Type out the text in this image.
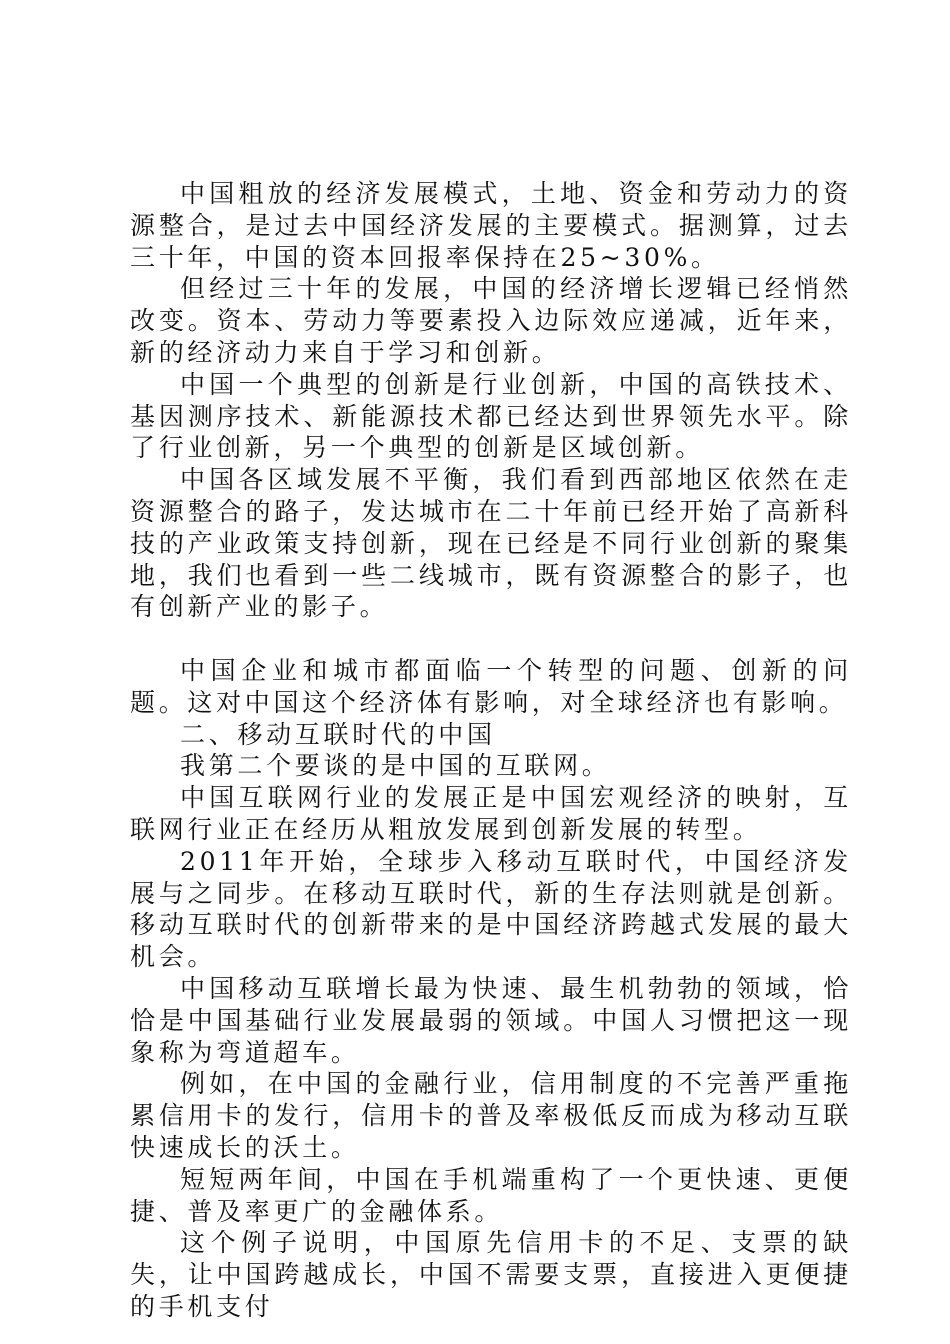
中国粗放的经济发展模式，土地、资金和劳动力的资源整合，是过去中国经济发展的主要模式。据测算，过去三十年，中国的资本回报率保持在25~30%。

但经过三十年的发展，中国的经济增长逻辑已经悄然改变。资本、劳动力等要素投入边际效应递减，近年来，新的经济动力来自于学习和创新。

中国一个典型的创新是行业创新，中国的高铁技术、基因测序技术、新能源技术都已经达到世界领先水平。除了行业创新，另一个典型的创新是区域创新。

中国各区域发展不平衡，我们看到西部地区依然在走资源整合的路子，发达城市在二十年前已经开始了高新科技的产业政策支持创新，现在已经是不同行业创新的聚集地，我们也看到一些二线城市，既有资源整合的影子，也有创新产业的影子。

中国企业和城市都面临一个转型的问题、创新的问题。这对中国这个经济体有影响，对全球经济也有影响。

二、移动互联时代的中国

我第二个要谈的是中国的互联网。

中国互联网行业的发展正是中国宏观经济的映射，互联网行业正在经历从粗放发展到创新发展的转型。

2011年开始，全球步入移动互联时代，中国经济发展与之同步。在移动互联时代，新的生存法则就是创新。移动互联时代的创新带来的是中国经济跨越式发展的最大机会。

中国移动互联增长最为快速、最生机勃勃的领域，恰恰是中国基础行业发展最弱的领域。中国人习惯把这一现象称为弯道超车。

例如，在中国的金融行业，信用制度的不完善严重拖累信用卡的发行，信用卡的普及率极低反而成为移动互联快速成长的沃土。

短短两年间，中国在手机端重构了一个更快速、更便捷、普及率更广的金融体系。

这个例子说明，中国原先信用卡的不足、支票的缺失，让中国跨越成长，中国不需要支票，直接进入更便捷的手机支付
